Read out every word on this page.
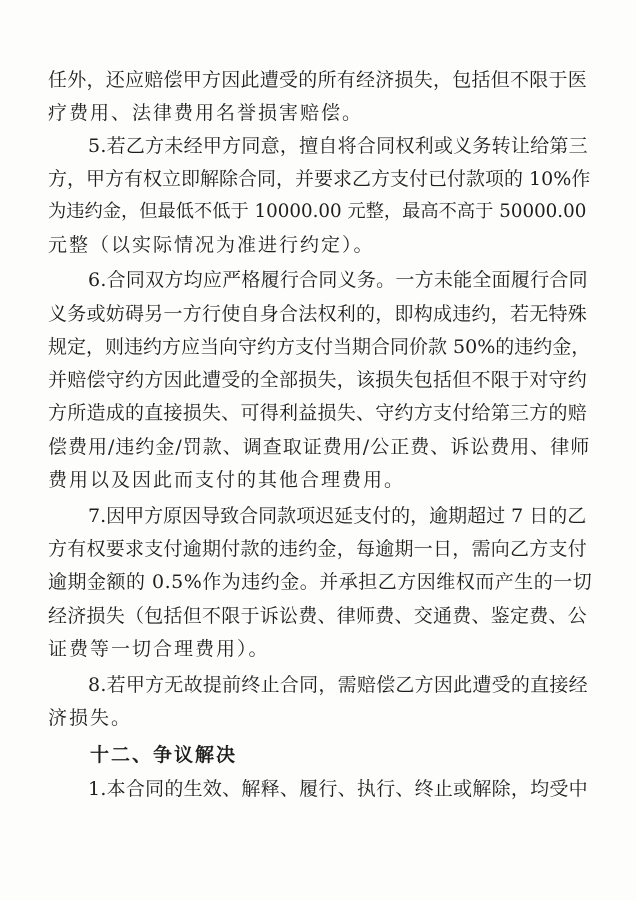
任外，还应赔偿甲方因此遭受的所有经济损失，包括但不限于医
疗费用、法律费用名誉损害赔偿。
5.若乙方未经甲方同意，擅自将合同权利或义务转让给第三
方，甲方有权立即解除合同，并要求乙方支付已付款项的 10%作
为违约金，但最低不低于 10000.00 元整，最高不高于 50000.00
元整（以实际情况为准进行约定）。
6.合同双方均应严格履行合同义务。一方未能全面履行合同
义务或妨碍另一方行使自身合法权利的，即构成违约，若无特殊
规定，则违约方应当向守约方支付当期合同价款 50%的违约金，
并赔偿守约方因此遭受的全部损失，该损失包括但不限于对守约
方所造成的直接损失、可得利益损失、守约方支付给第三方的赔
偿费用/违约金/罚款、调查取证费用/公正费、诉讼费用、律师
费用以及因此而支付的其他合理费用。
7.因甲方原因导致合同款项迟延支付的，逾期超过 7 日的乙
方有权要求支付逾期付款的违约金，每逾期一日，需向乙方支付
逾期金额的 0.5%作为违约金。并承担乙方因维权而产生的一切
经济损失（包括但不限于诉讼费、律师费、交通费、鉴定费、公
证费等一切合理费用）。
8.若甲方无故提前终止合同，需赔偿乙方因此遭受的直接经
济损失。
十二、争议解决
1.本合同的生效、解释、履行、执行、终止或解除，均受中
